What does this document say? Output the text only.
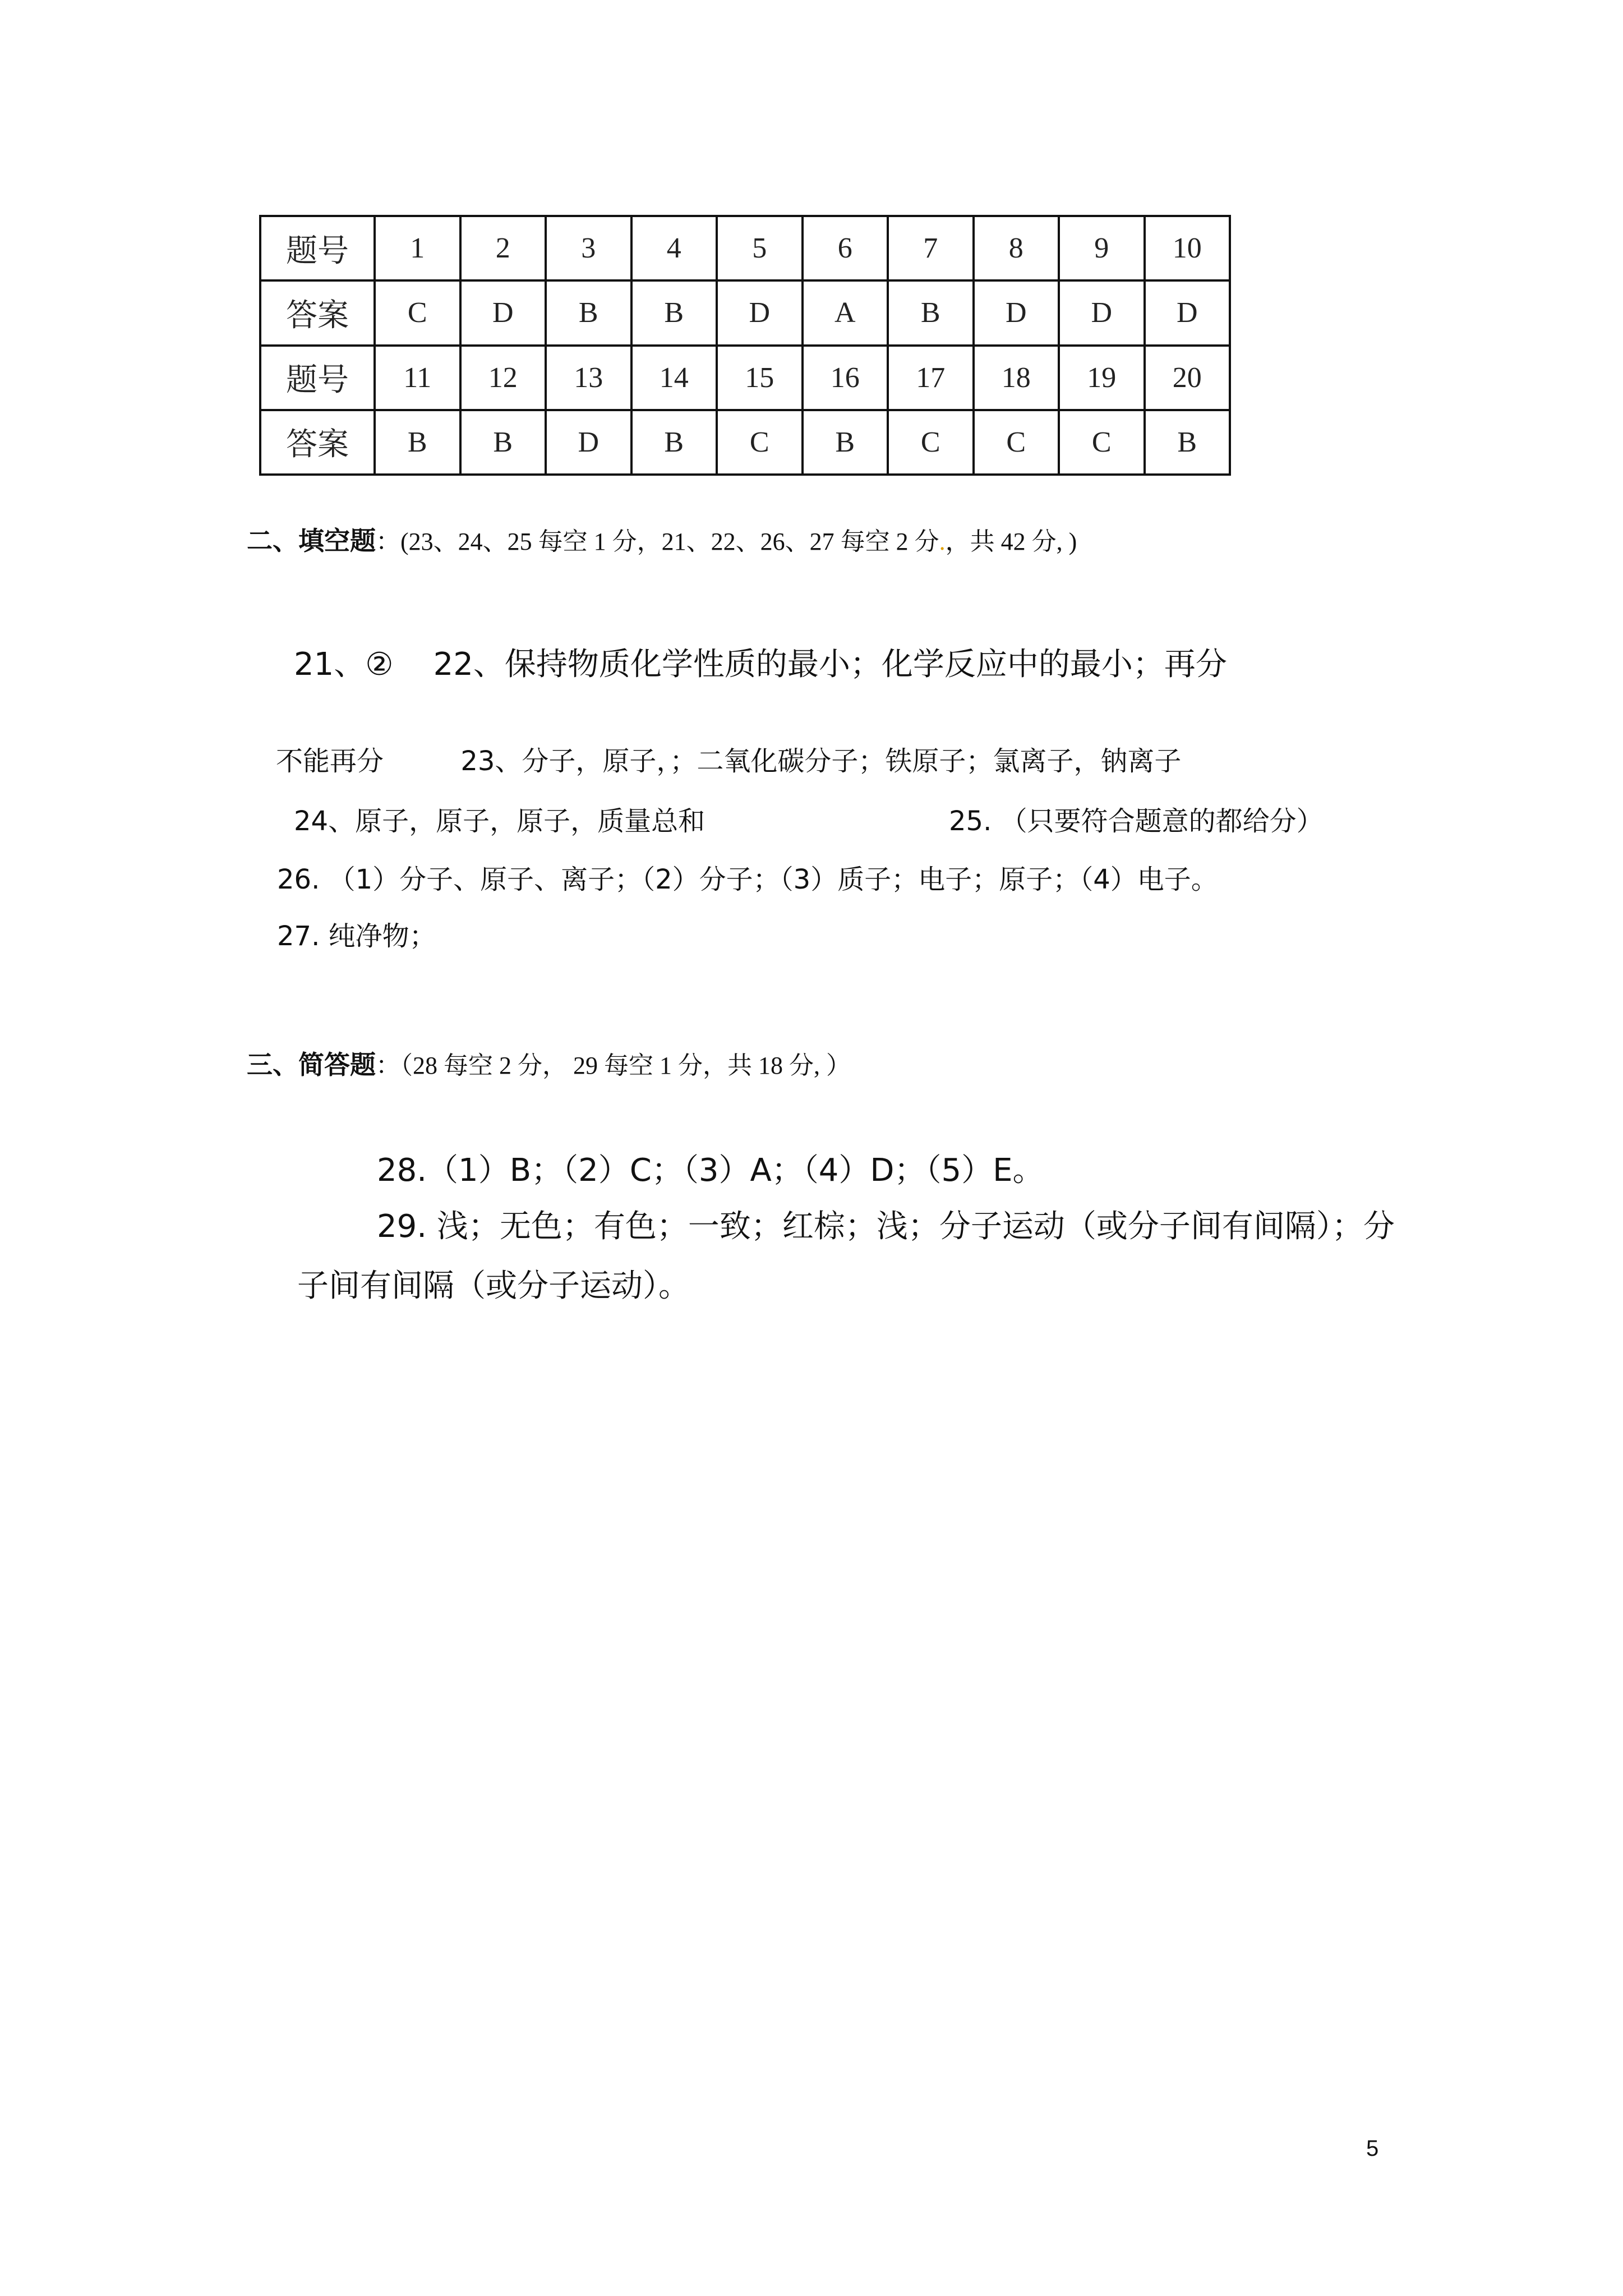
题号	1	2	3	4	5	6	7	8	9	10
答案	C	D	B	B	D	A	B	D	D	D
题号	11	12	13	14	15	16	17	18	19	20
答案	B	B	D	B	C	B	C	C	C	B
二、填空题：(23、24、25 每空 1 分，21、22、26、27 每空 2 分.，共 42 分, )
21、②    22、保持物质化学性质的最小；化学反应中的最小；再分
不能再分         23、分子，原子，；二氧化碳分子；铁原子；氯离子，钠离子
24、原子，原子，原子，质量总和	25. （只要符合题意的都给分）
26. （1）分子、原子、离子；（2）分子；（3）质子；电子；原子；（4）电子。
27. 纯净物；
三、简答题：（28 每空 2 分， 29 每空 1 分，共 18 分, ）
28.（1）B；（2）C；（3）A；（4）D；（5）E。
29. 浅；无色；有色；一致；红棕；浅；分子运动（或分子间有间隔）；分
子间有间隔（或分子运动）。
5
